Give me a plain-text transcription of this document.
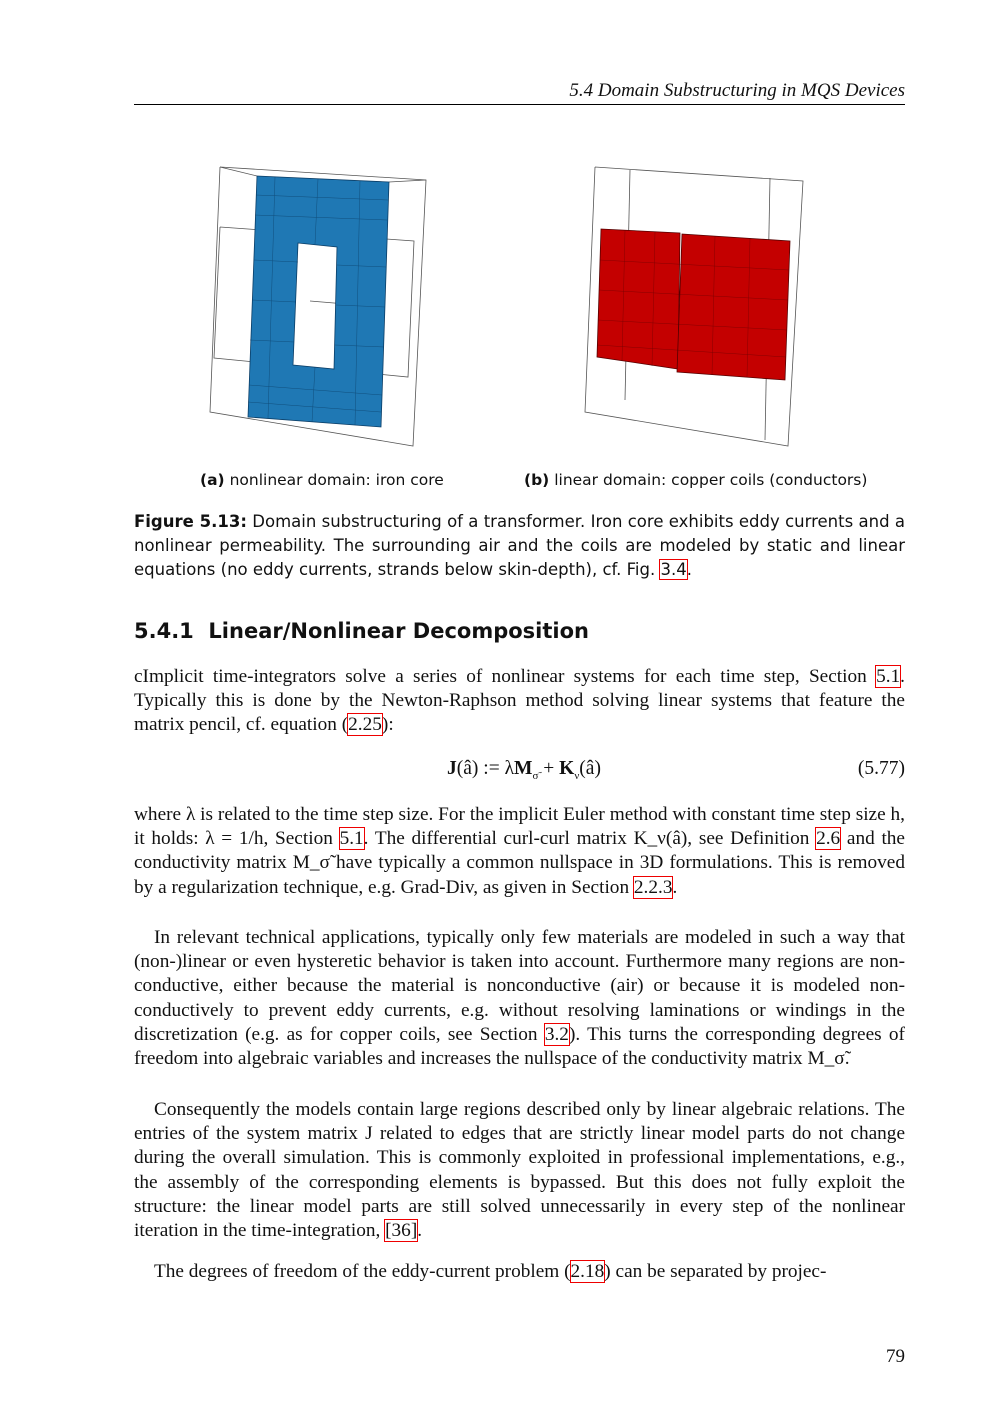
5.4 Domain Substructuring in MQS Devices
(a) nonlinear domain: iron core	(b) linear domain: copper coils (conductors)
Figure 5.13: Domain substructuring of a transformer. Iron core exhibits eddy currents and a nonlinear permeability. The surrounding air and the coils are modeled by static and linear equations (no eddy currents, strands below skin-depth), cf. Fig. 3.4.
5.4.1 Linear/Nonlinear Decomposition
cImplicit time-integrators solve a series of nonlinear systems for each time step, Section 5.1. Typically this is done by the Newton-Raphson method solving linear systems that feature the matrix pencil, cf. equation (2.25):
J(â) := $\lambda M_{\sigmã}$ + $K_\nu(â)$	(5.77)
where λ is related to the time step size. For the implicit Euler method with constant time step size h, it holds: λ = 1/h, Section 5.1. The differential curl-curl matrix K_ν(â), see Definition 2.6 and the conductivity matrix M_σ̃ have typically a common nullspace in 3D formulations. This is removed by a regularization technique, e.g. Grad-Div, as given in Section 2.2.3.
In relevant technical applications, typically only few materials are modeled in such a way that (non-)linear or even hysteretic behavior is taken into account. Furthermore many regions are non-conductive, either because the material is nonconductive (air) or because it is modeled non-conductively to prevent eddy currents, e.g. without resolving laminations or windings in the discretization (e.g. as for copper coils, see Section 3.2). This turns the corresponding degrees of freedom into algebraic variables and increases the nullspace of the conductivity matrix M_σ̃.
Consequently the models contain large regions described only by linear algebraic relations. The entries of the system matrix J related to edges that are strictly linear model parts do not change during the overall simulation. This is commonly exploited in professional implementations, e.g., the assembly of the corresponding elements is bypassed. But this does not fully exploit the structure: the linear model parts are still solved unnecessarily in every step of the nonlinear iteration in the time-integration, [36].
The degrees of freedom of the eddy-current problem (2.18) can be separated by projec-
79
